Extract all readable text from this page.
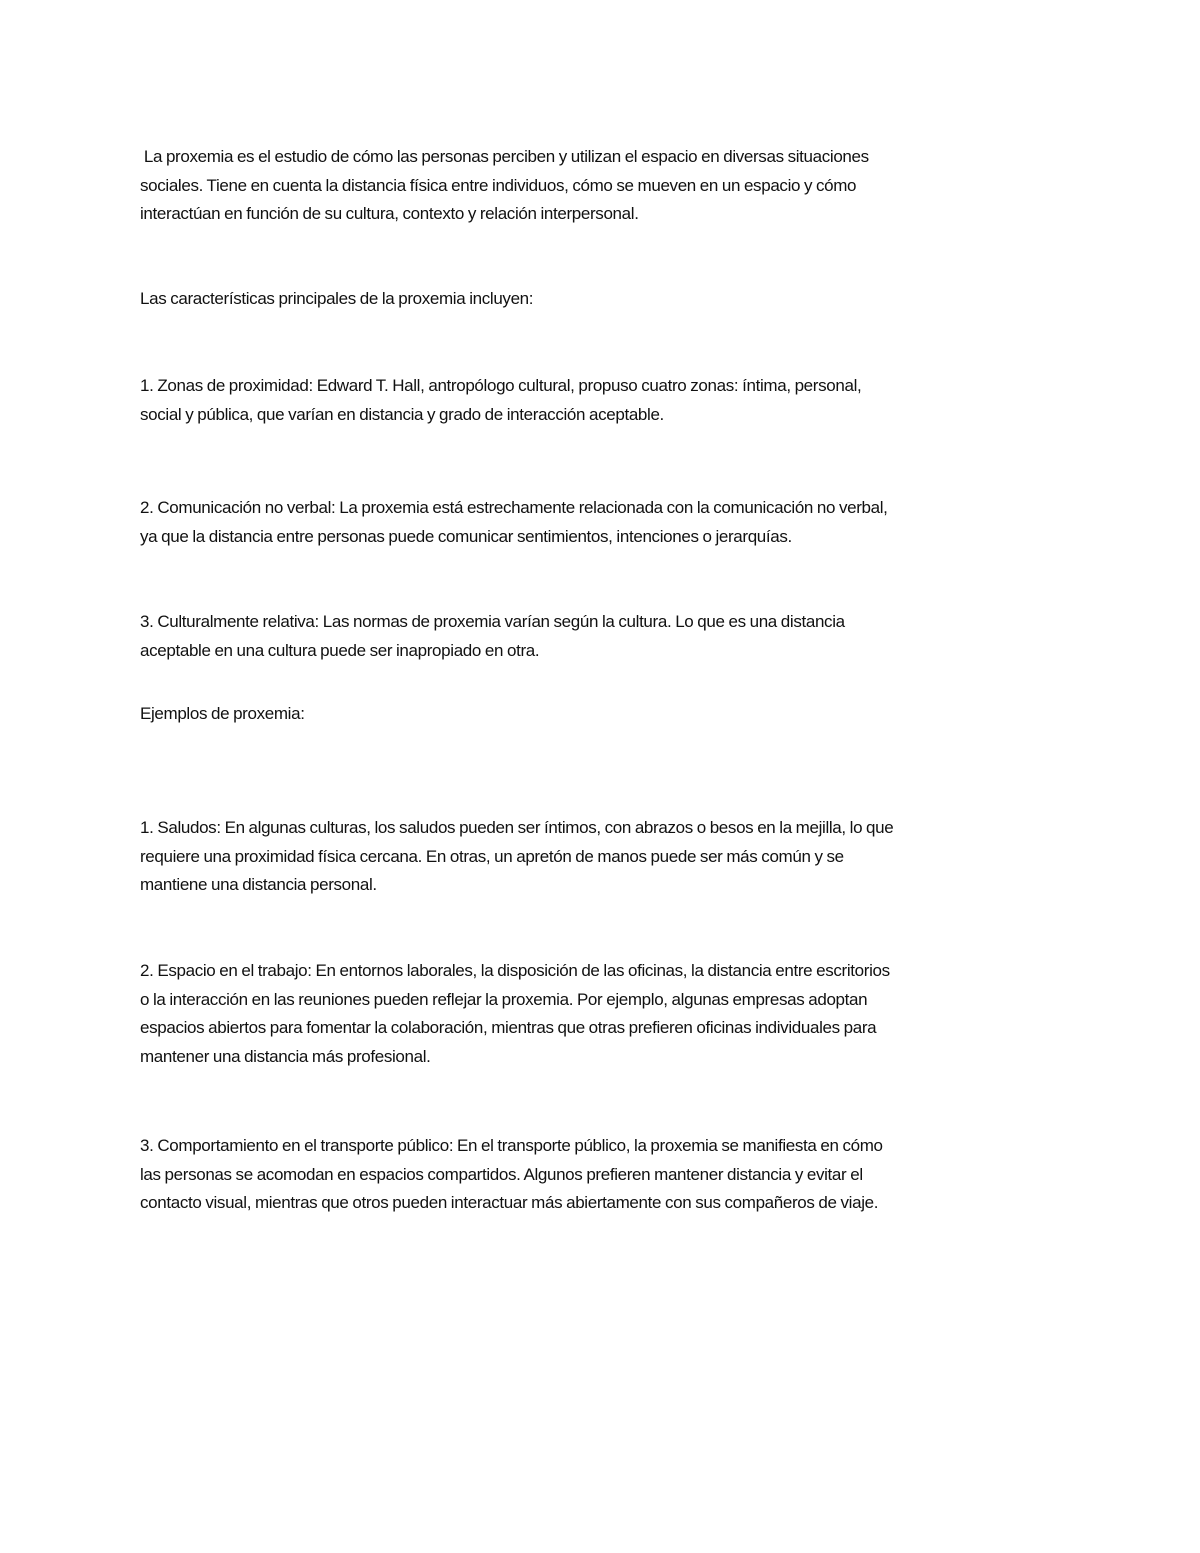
La proxemia es el estudio de cómo las personas perciben y utilizan el espacio en diversas situaciones
sociales. Tiene en cuenta la distancia física entre individuos, cómo se mueven en un espacio y cómo
interactúan en función de su cultura, contexto y relación interpersonal.
Las características principales de la proxemia incluyen:
1. Zonas de proximidad: Edward T. Hall, antropólogo cultural, propuso cuatro zonas: íntima, personal,
social y pública, que varían en distancia y grado de interacción aceptable.
2. Comunicación no verbal: La proxemia está estrechamente relacionada con la comunicación no verbal,
ya que la distancia entre personas puede comunicar sentimientos, intenciones o jerarquías.
3. Culturalmente relativa: Las normas de proxemia varían según la cultura. Lo que es una distancia
aceptable en una cultura puede ser inapropiado en otra.
Ejemplos de proxemia:
1. Saludos: En algunas culturas, los saludos pueden ser íntimos, con abrazos o besos en la mejilla, lo que
requiere una proximidad física cercana. En otras, un apretón de manos puede ser más común y se
mantiene una distancia personal.
2. Espacio en el trabajo: En entornos laborales, la disposición de las oficinas, la distancia entre escritorios
o la interacción en las reuniones pueden reflejar la proxemia. Por ejemplo, algunas empresas adoptan
espacios abiertos para fomentar la colaboración, mientras que otras prefieren oficinas individuales para
mantener una distancia más profesional.
3. Comportamiento en el transporte público: En el transporte público, la proxemia se manifiesta en cómo
las personas se acomodan en espacios compartidos. Algunos prefieren mantener distancia y evitar el
contacto visual, mientras que otros pueden interactuar más abiertamente con sus compañeros de viaje.
